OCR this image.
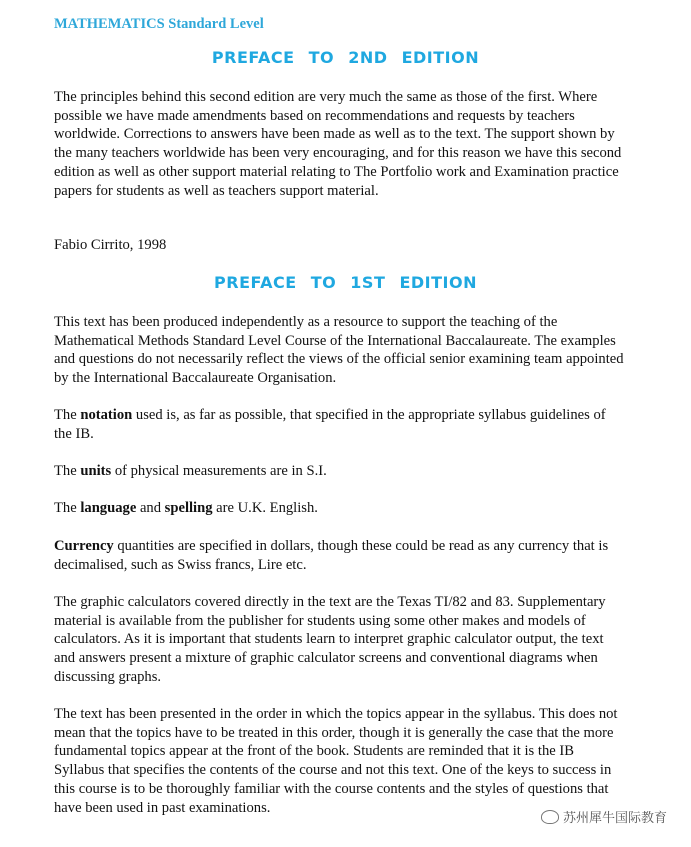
MATHEMATICS Standard Level
PREFACE TO 2ND EDITION

The principles behind this second edition are very much the same as those of the first. Where possible we have made amendments based on recommendations and requests by teachers worldwide. Corrections to answers have been made as well as to the text. The support shown by the many teachers worldwide has been very encouraging, and for this reason we have this second edition as well as other support material relating to The Portfolio work and Examination practice papers for students as well as teachers support material.

Fabio Cirrito, 1998

PREFACE TO 1ST EDITION

This text has been produced independently as a resource to support the teaching of the Mathematical Methods Standard Level Course of the International Baccalaureate. The examples and questions do not necessarily reflect the views of the official senior examining team appointed by the International Baccalaureate Organisation.

The notation used is, as far as possible, that specified in the appropriate syllabus guidelines of the IB.

The units of physical measurements are in S.I.

The language and spelling are U.K. English.

Currency quantities are specified in dollars, though these could be read as any currency that is decimalised, such as Swiss francs, Lire etc.

The graphic calculators covered directly in the text are the Texas TI/82 and 83. Supplementary material is available from the publisher for students using some other makes and models of calculators. As it is important that students learn to interpret graphic calculator output, the text and answers present a mixture of graphic calculator screens and conventional diagrams when discussing graphs.

The text has been presented in the order in which the topics appear in the syllabus. This does not mean that the topics have to be treated in this order, though it is generally the case that the more fundamental topics appear at the front of the book. Students are reminded that it is the IB Syllabus that specifies the contents of the course and not this text. One of the keys to success in this course is to be thoroughly familiar with the course contents and the styles of questions that have been used in past examinations.

苏州犀牛国际教育
